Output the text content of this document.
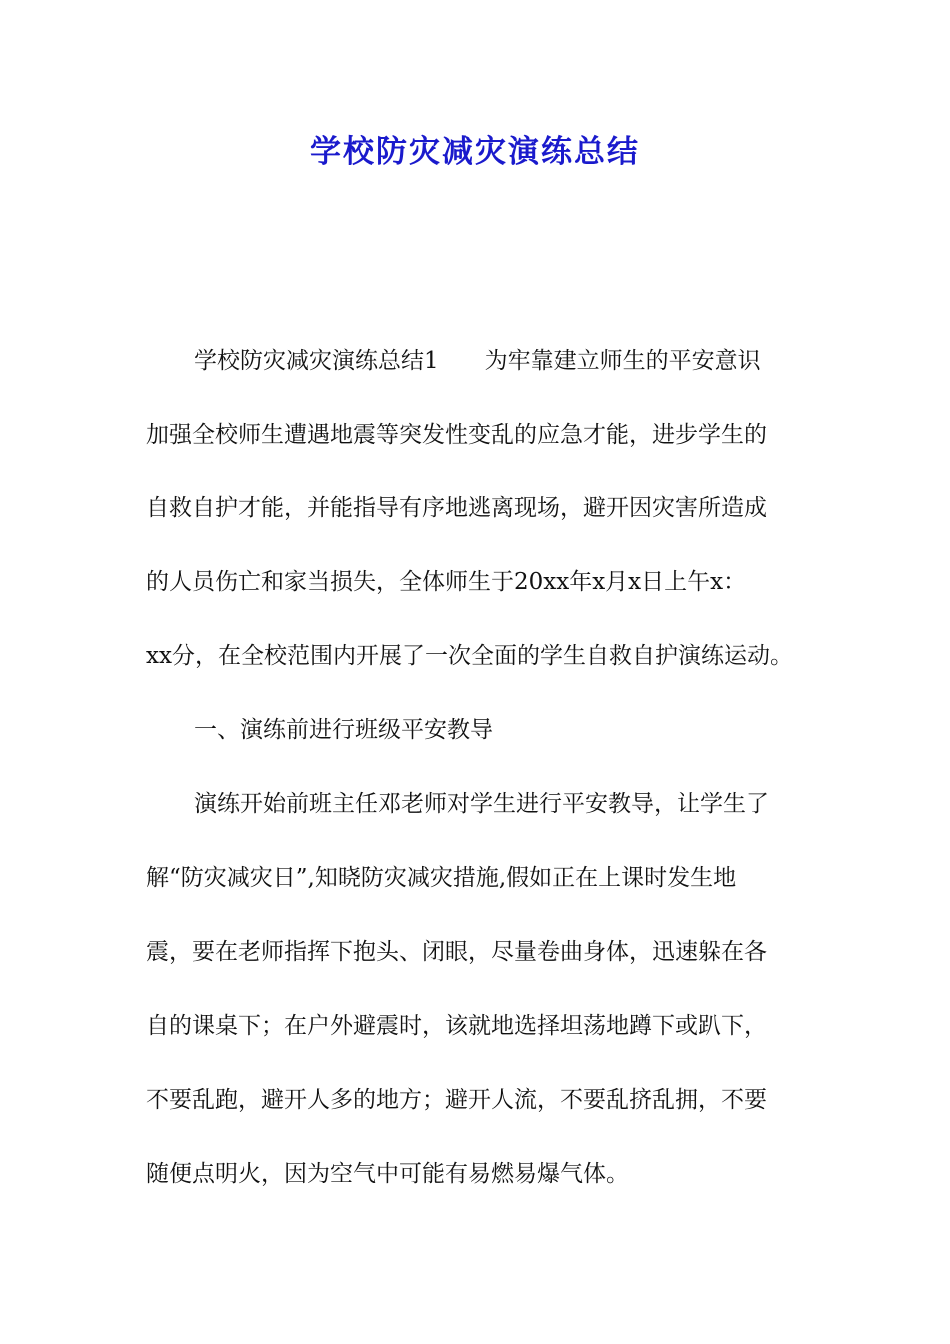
学校防灾减灾演练总结
学校防灾减灾演练总结1　　为牢靠建立师生的平安意识
加强全校师生遭遇地震等突发性变乱的应急才能，进步学生的
自救自护才能，并能指导有序地逃离现场，避开因灾害所造成
的人员伤亡和家当损失，全体师生于20xx年x月x日上午x：
xx分，在全校范围内开展了一次全面的学生自救自护演练运动。
一、演练前进行班级平安教导
演练开始前班主任邓老师对学生进行平安教导，让学生了
解“防灾减灾日”,知晓防灾减灾措施,假如正在上课时发生地
震，要在老师指挥下抱头、闭眼，尽量卷曲身体，迅速躲在各
自的课桌下；在户外避震时，该就地选择坦荡地蹲下或趴下，
不要乱跑，避开人多的地方；避开人流，不要乱挤乱拥，不要
随便点明火，因为空气中可能有易燃易爆气体。
